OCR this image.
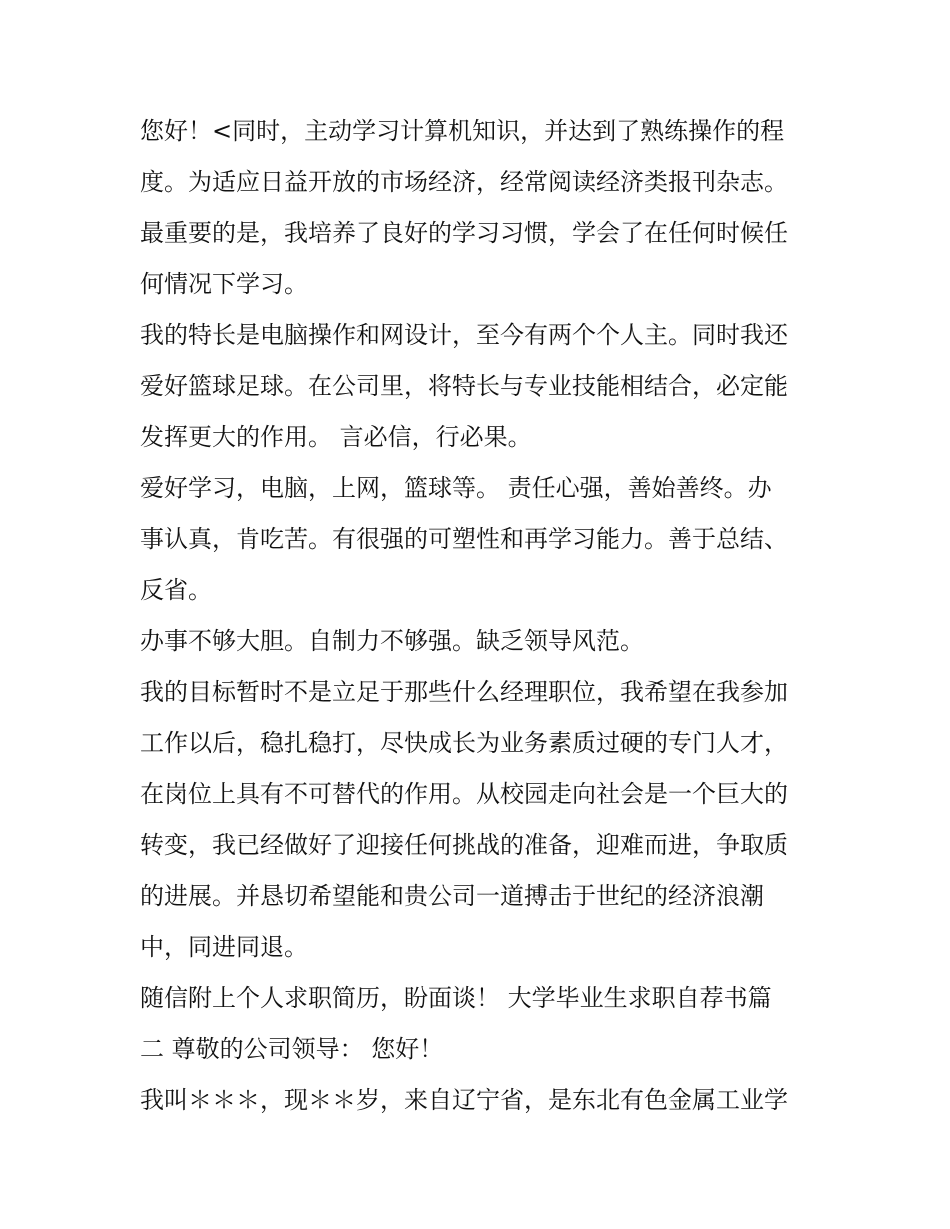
您好！<同时，主动学习计算机知识，并达到了熟练操作的程
度。为适应日益开放的市场经济，经常阅读经济类报刊杂志。
最重要的是，我培养了良好的学习习惯，学会了在任何时候任
何情况下学习。
我的特长是电脑操作和网设计，至今有两个个人主。同时我还
爱好篮球足球。在公司里，将特长与专业技能相结合，必定能
发挥更大的作用。 言必信，行必果。
爱好学习，电脑，上网，篮球等。 责任心强，善始善终。办
事认真，肯吃苦。有很强的可塑性和再学习能力。善于总结、
反省。
办事不够大胆。自制力不够强。缺乏领导风范。
我的目标暂时不是立足于那些什么经理职位，我希望在我参加
工作以后，稳扎稳打，尽快成长为业务素质过硬的专门人才，
在岗位上具有不可替代的作用。从校园走向社会是一个巨大的
转变，我已经做好了迎接任何挑战的准备，迎难而进，争取质
的进展。并恳切希望能和贵公司一道搏击于世纪的经济浪潮
中，同进同退。
随信附上个人求职简历，盼面谈！ 大学毕业生求职自荐书篇
二 尊敬的公司领导： 您好！
我叫＊＊＊，现＊＊岁，来自辽宁省，是东北有色金属工业学
